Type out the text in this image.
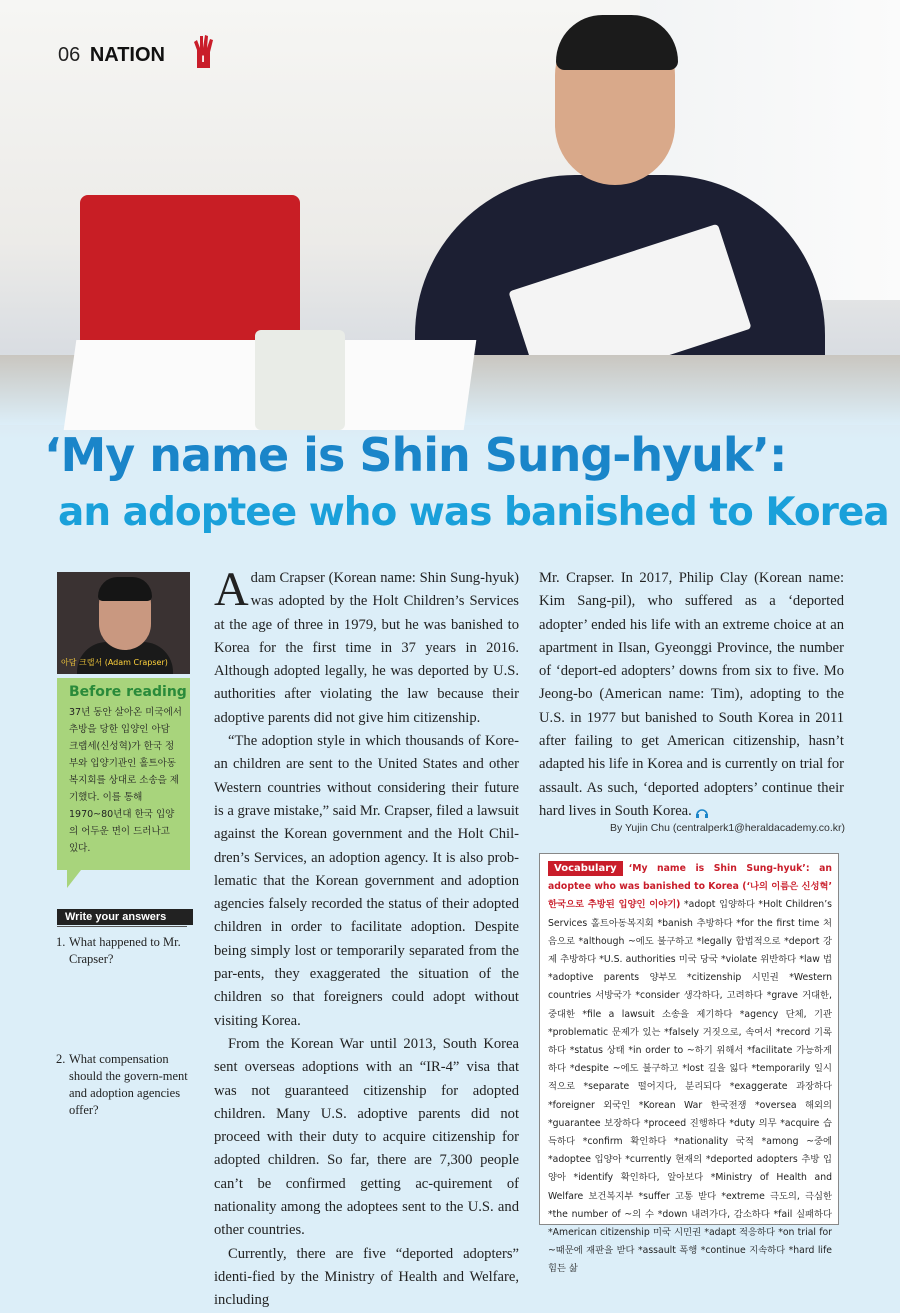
06 NATION	I
‘My name is Shin Sung-hyuk’:
an adoptee who was banished to Korea
아담 크랩서 (Adam Crapser)
Before reading

37년 동안 살아온 미국에서 추방을 당한 입양인 아담 크랩세(신성혁)가 한국 정부와 입양기관인 홀트아동복지회를 상대로 소송을 제기했다. 이를 통해 1970~80년대 한국 입양의 어두운 면이 드러나고 있다.

Write your answers
1. What happened to Mr. Crapser?
2. What compensation should the govern-ment and adoption agencies offer?

Adam Crapser (Korean name: Shin Sung-hyuk) was adopted by the Holt Children’s Services at the age of three in 1979, but he was banished to Korea for the first time in 37 years in 2016. Although adopted legally, he was deported by U.S. authorities after violating the law because their adoptive parents did not give him citizenship.

“The adoption style in which thousands of Kore-an children are sent to the United States and other Western countries without considering their future is a grave mistake,” said Mr. Crapser, filed a lawsuit against the Korean government and the Holt Chil-dren’s Services, an adoption agency. It is also prob-lematic that the Korean government and adoption agencies falsely recorded the status of their adopted children in order to facilitate adoption. Despite being simply lost or temporarily separated from the par-ents, they exaggerated the situation of the children so that foreigners could adopt without visiting Korea.

From the Korean War until 2013, South Korea sent overseas adoptions with an “IR-4” visa that was not guaranteed citizenship for adopted children. Many U.S. adoptive parents did not proceed with their duty to acquire citizenship for adopted children. So far, there are 7,300 people can’t be confirmed getting ac-quirement of nationality among the adoptees sent to the U.S. and other countries.

Currently, there are five “deported adopters” identi-fied by the Ministry of Health and Welfare, including

Mr. Crapser. In 2017, Philip Clay (Korean name: Kim Sang-pil), who suffered as a ‘deported adopter’ ended his life with an extreme choice at an apartment in Ilsan, Gyeonggi Province, the number of ‘deport-ed adopters’ downs from six to five. Mo Jeong-bo (American name: Tim), adopting to the U.S. in 1977 but banished to South Korea in 2011 after failing to get American citizenship, hasn’t adapted his life in Korea and is currently on trial for assault. As such, ‘deported adopters’ continue their hard lives in South Korea.

By Yujin Chu (centralperk1@heraldacademy.co.kr)
Vocabulary ‘My name is Shin Sung-hyuk’: an adoptee who was banished to Korea (‘나의 이름은 신성혁’ 한국으로 추방된 입양인 이야기) *adopt 입양하다 *Holt Children’s Services 홀트아동복지회 *banish 추방하다 *for the first time 처음으로 *although ~에도 불구하고 *legally 합법적으로 *deport 강제 추방하다 *U.S. authorities 미국 당국 *violate 위반하다 *law 법 *adoptive parents 양부모 *citizenship 시민권 *Western countries 서방국가 *consider 생각하다, 고려하다 *grave 거대한, 중대한 *file a lawsuit 소송을 제기하다 *agency 단체, 기관 *problematic 문제가 있는 *falsely 거짓으로, 속여서 *record 기록하다 *status 상태 *in order to ~하기 위해서 *facilitate 가능하게 하다 *despite ~에도 불구하고 *lost 길을 잃다 *temporarily 일시적으로 *separate 떨어지다, 분리되다 *exaggerate 과장하다 *foreigner 외국인 *Korean War 한국전쟁 *oversea 해외의 *guarantee 보장하다 *proceed 진행하다 *duty 의무 *acquire 습득하다 *confirm 확인하다 *nationality 국적 *among ~중에 *adoptee 입양아 *currently 현재의 *deported adopters 추방 입양아 *identify 확인하다, 알아보다 *Ministry of Health and Welfare 보건복지부 *suffer 고통 받다 *extreme 극도의, 극심한 *the number of ~의 수 *down 내려가다, 감소하다 *fail 실패하다 *American citizenship 미국 시민권 *adapt 적응하다 *on trial for ~때문에 재판을 받다 *assault 폭행 *continue 지속하다 *hard life 힘든 삶
